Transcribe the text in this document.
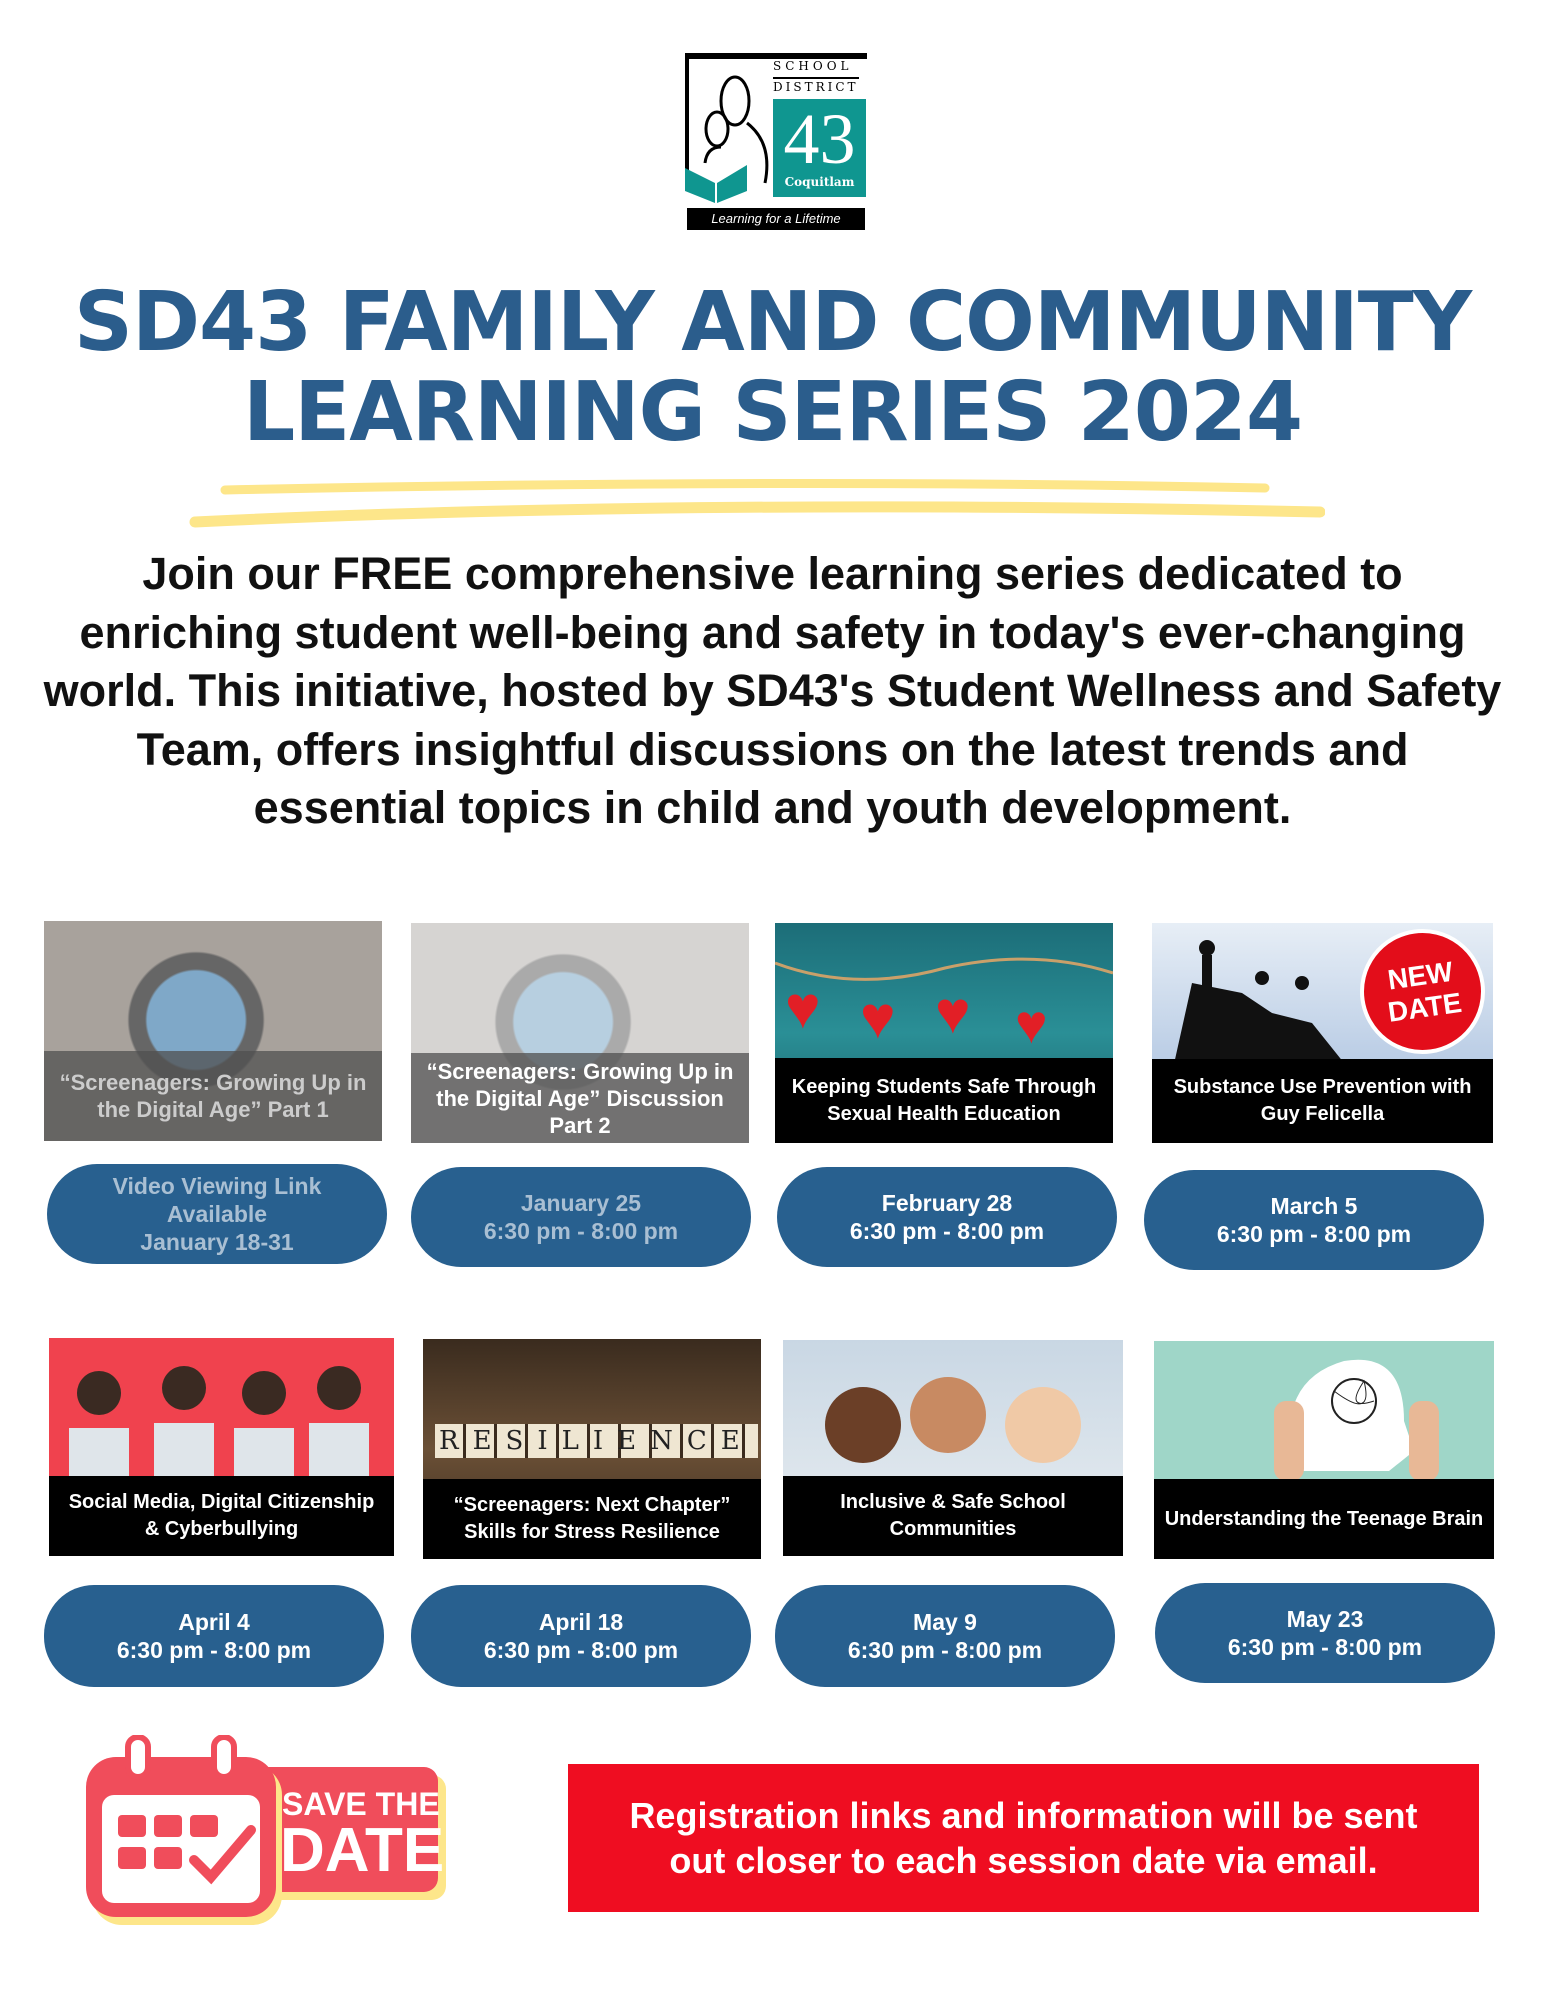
SCHOOL
DISTRICT
43
Coquitlam
Learning for a Lifetime
SD43 FAMILY AND COMMUNITY
LEARNING SERIES 2024
Join our FREE comprehensive learning series dedicated to enriching student well-being and safety in today's ever-changing world. This initiative, hosted by SD43's Student Wellness and Safety Team, offers insightful discussions on the latest trends and essential topics in child and youth development.
“Screenagers: Growing Up in the Digital Age” Part 1
“Screenagers: Growing Up in the Digital Age” Discussion Part 2
♥ ♥ ♥ ♥
Keeping Students Safe Through Sexual Health Education
NEW
DATE
Substance Use Prevention with Guy Felicella
Video Viewing Link Available
January 18-31
January 25
6:30 pm - 8:00 pm
February 28
6:30 pm - 8:00 pm
March 5
6:30 pm - 8:00 pm
Social Media, Digital Citizenship & Cyberbullying
RESILIENCE
“Screenagers: Next Chapter” Skills for Stress Resilience
Inclusive & Safe School Communities	Understanding the Teenage Brain
April 4
6:30 pm - 8:00 pm
April 18
6:30 pm - 8:00 pm
May 9
6:30 pm - 8:00 pm
May 23
6:30 pm - 8:00 pm
SAVE THE
DATE
Registration links and information will be sent
out closer to each session date via email.
